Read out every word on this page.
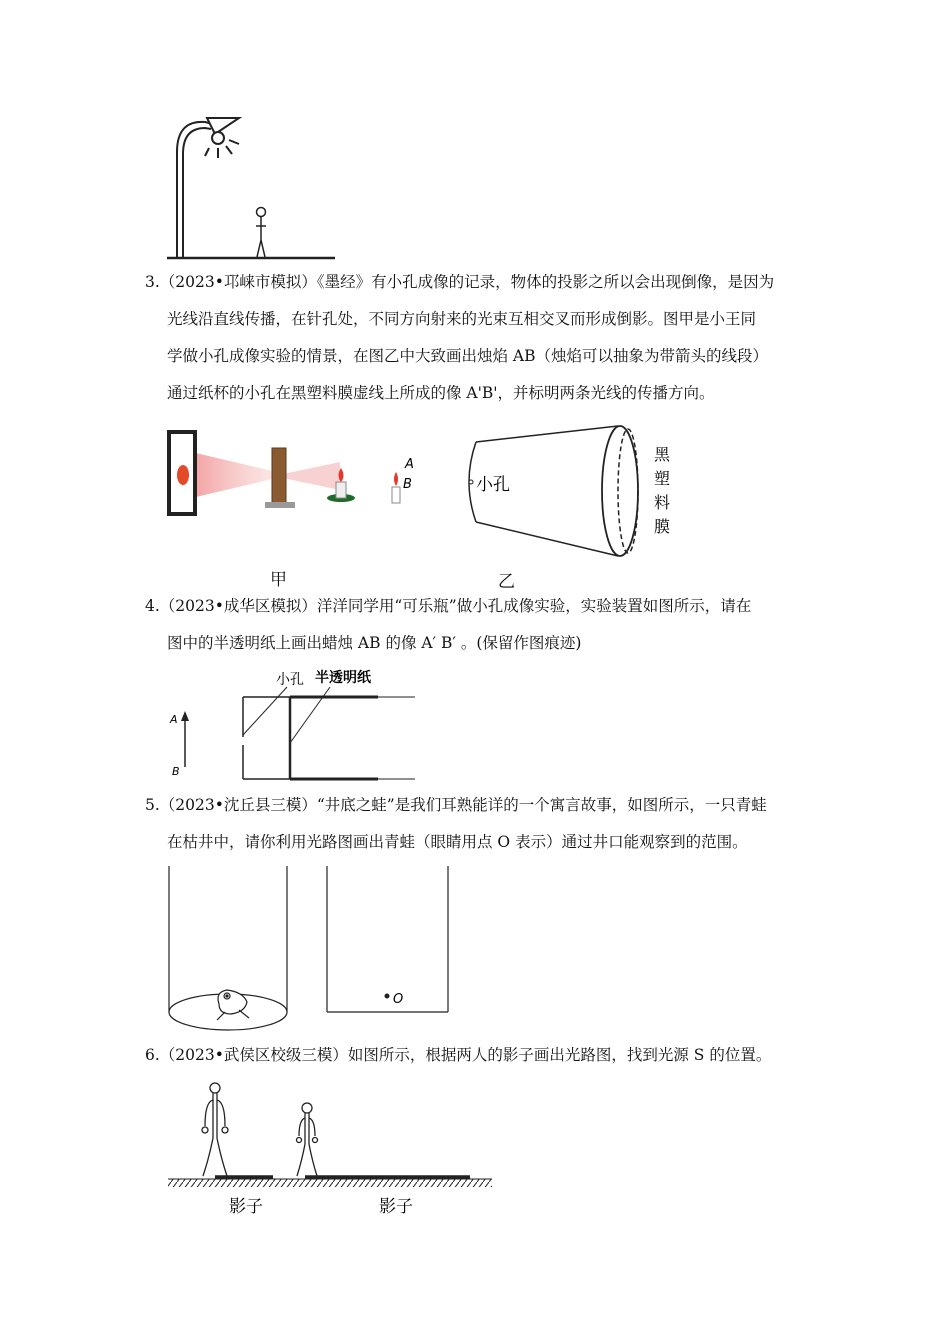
3.（2023•邛崃市模拟）《墨经》有小孔成像的记录，物体的投影之所以会出现倒像，是因为
光线沿直线传播，在针孔处，不同方向射来的光束互相交叉而形成倒影。图甲是小王同
学做小孔成像实验的情景，在图乙中大致画出烛焰 AB（烛焰可以抽象为带箭头的线段）
通过纸杯的小孔在黑塑料膜虚线上所成的像 A'B'，并标明两条光线的传播方向。
A
B	小孔
黑
塑
料
膜
甲	乙
4.（2023•成华区模拟）洋洋同学用“可乐瓶”做小孔成像实验，实验装置如图所示，请在
图中的半透明纸上画出蜡烛 AB 的像 A′ B′ 。(保留作图痕迹)
A
B
小孔 半透明纸
5.（2023•沈丘县三模）“井底之蛙”是我们耳熟能详的一个寓言故事，如图所示，一只青蛙
在枯井中，请你利用光路图画出青蛙（眼睛用点 O 表示）通过井口能观察到的范围。
O
6.（2023•武侯区校级三模）如图所示，根据两人的影子画出光路图，找到光源 S 的位置。
影子	影子
